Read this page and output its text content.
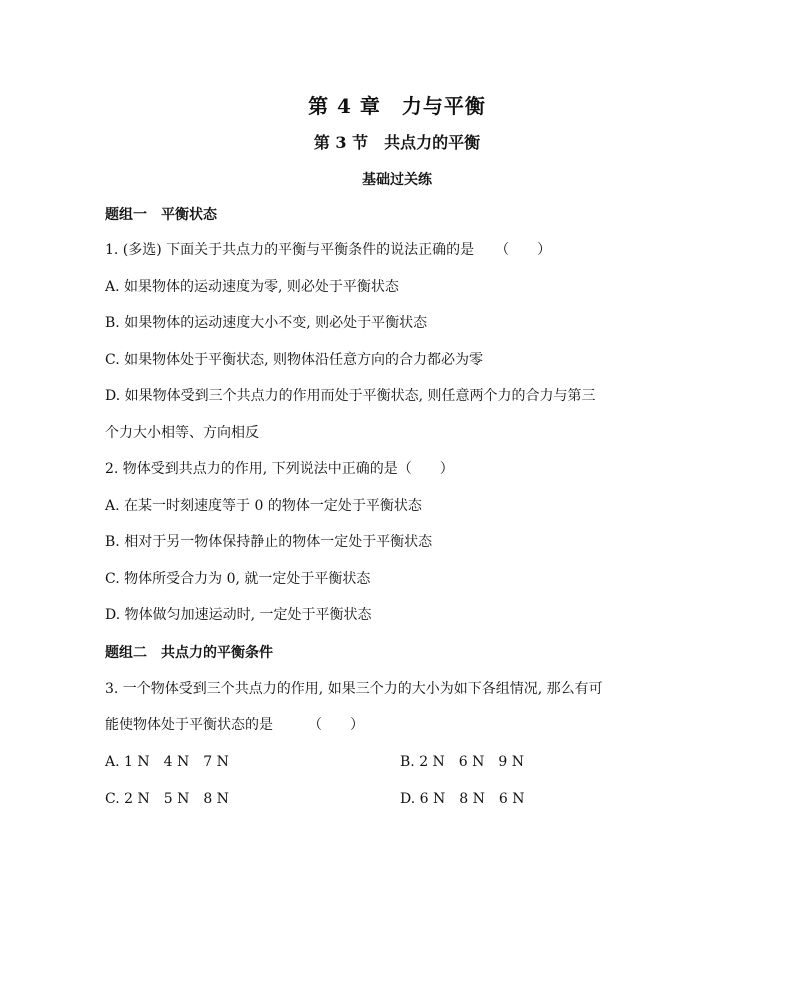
第 4 章　力与平衡
第 3 节　共点力的平衡
基础过关练

题组一　平衡状态

1. (多选) 下面关于共点力的平衡与平衡条件的说法正确的是　　（　　）

A. 如果物体的运动速度为零, 则必处于平衡状态

B. 如果物体的运动速度大小不变, 则必处于平衡状态

C. 如果物体处于平衡状态, 则物体沿任意方向的合力都必为零

D. 如果物体受到三个共点力的作用而处于平衡状态, 则任意两个力的合力与第三

个力大小相等、方向相反

2. 物体受到共点力的作用, 下列说法中正确的是（　　）

A. 在某一时刻速度等于 0 的物体一定处于平衡状态

B. 相对于另一物体保持静止的物体一定处于平衡状态

C. 物体所受合力为 0, 就一定处于平衡状态

D. 物体做匀加速运动时, 一定处于平衡状态

题组二　共点力的平衡条件

3. 一个物体受到三个共点力的作用, 如果三个力的大小为如下各组情况, 那么有可

能使物体处于平衡状态的是　　　（　　）

A. 1 N　4 N　7 N	B. 2 N　6 N　9 N

C. 2 N　5 N　8 N	D. 6 N　8 N　6 N
